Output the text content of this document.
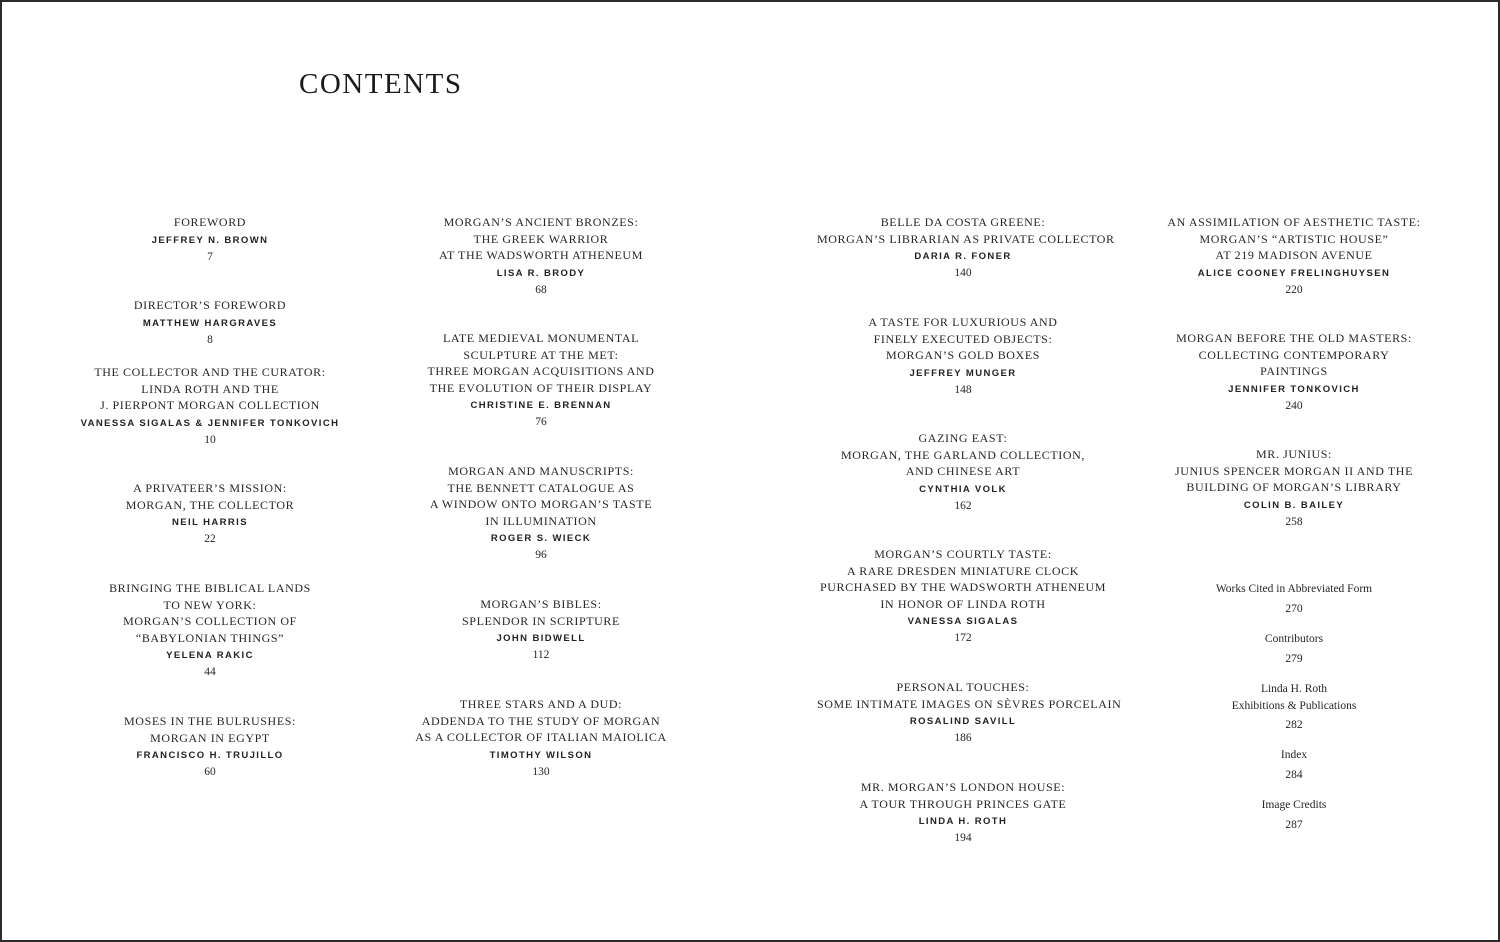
CONTENTS
FOREWORD
JEFFREY N. BROWN
7
DIRECTOR’S FOREWORD
MATTHEW HARGRAVES
8
THE COLLECTOR AND THE CURATOR:
LINDA ROTH AND THE
J. PIERPONT MORGAN COLLECTION
VANESSA SIGALAS & JENNIFER TONKOVICH
10
A PRIVATEER’S MISSION:
MORGAN, THE COLLECTOR
NEIL HARRIS
22
BRINGING THE BIBLICAL LANDS
TO NEW YORK:
MORGAN’S COLLECTION OF
“BABYLONIAN THINGS”
YELENA RAKIC
44
MOSES IN THE BULRUSHES:
MORGAN IN EGYPT
FRANCISCO H. TRUJILLO
60
MORGAN’S ANCIENT BRONZES:
THE GREEK WARRIOR
AT THE WADSWORTH ATHENEUM
LISA R. BRODY
68
LATE MEDIEVAL MONUMENTAL
SCULPTURE AT THE MET:
THREE MORGAN ACQUISITIONS AND
THE EVOLUTION OF THEIR DISPLAY
CHRISTINE E. BRENNAN
76
MORGAN AND MANUSCRIPTS:
THE BENNETT CATALOGUE AS
A WINDOW ONTO MORGAN’S TASTE
IN ILLUMINATION
ROGER S. WIECK
96
MORGAN’S BIBLES:
SPLENDOR IN SCRIPTURE
JOHN BIDWELL
112
THREE STARS AND A DUD:
ADDENDA TO THE STUDY OF MORGAN
AS A COLLECTOR OF ITALIAN MAIOLICA
TIMOTHY WILSON
130
BELLE DA COSTA GREENE:
MORGAN’S LIBRARIAN AS PRIVATE COLLECTOR
DARIA R. FONER
140
A TASTE FOR LUXURIOUS AND
FINELY EXECUTED OBJECTS:
MORGAN’S GOLD BOXES
JEFFREY MUNGER
148
GAZING EAST:
MORGAN, THE GARLAND COLLECTION,
AND CHINESE ART
CYNTHIA VOLK
162
MORGAN’S COURTLY TASTE:
A RARE DRESDEN MINIATURE CLOCK
PURCHASED BY THE WADSWORTH ATHENEUM
IN HONOR OF LINDA ROTH
VANESSA SIGALAS
172
PERSONAL TOUCHES:
SOME INTIMATE IMAGES ON SÈVRES PORCELAIN
ROSALIND SAVILL
186
MR. MORGAN’S LONDON HOUSE:
A TOUR THROUGH PRINCES GATE
LINDA H. ROTH
194
AN ASSIMILATION OF AESTHETIC TASTE:
MORGAN’S “ARTISTIC HOUSE”
AT 219 MADISON AVENUE
ALICE COONEY FRELINGHUYSEN
220
MORGAN BEFORE THE OLD MASTERS:
COLLECTING CONTEMPORARY
PAINTINGS
JENNIFER TONKOVICH
240
MR. JUNIUS:
JUNIUS SPENCER MORGAN II AND THE
BUILDING OF MORGAN’S LIBRARY
COLIN B. BAILEY
258
Works Cited in Abbreviated Form
270
Contributors
279
Linda H. Roth
Exhibitions & Publications
282
Index
284
Image Credits
287
